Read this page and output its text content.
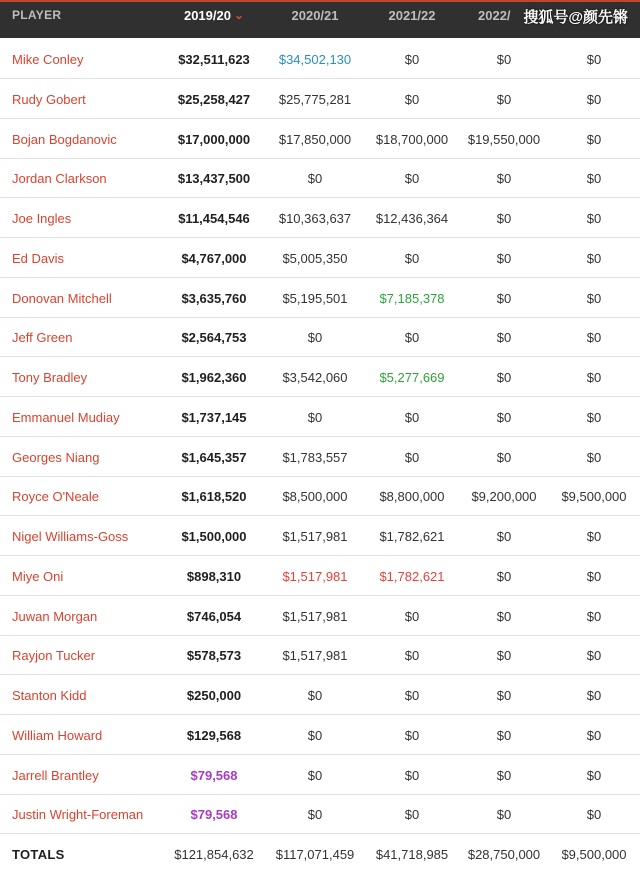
PLAYER	2019/20 ⌄	2020/21	2021/22	2022/ 搜狐号@颜先锵
Mike Conley	$32,511,623	$34,502,130	$0	$0	$0
Rudy Gobert	$25,258,427	$25,775,281	$0	$0	$0
Bojan Bogdanovic	$17,000,000	$17,850,000	$18,700,000	$19,550,000	$0
Jordan Clarkson	$13,437,500	$0	$0	$0	$0
Joe Ingles	$11,454,546	$10,363,637	$12,436,364	$0	$0
Ed Davis	$4,767,000	$5,005,350	$0	$0	$0
Donovan Mitchell	$3,635,760	$5,195,501	$7,185,378	$0	$0
Jeff Green	$2,564,753	$0	$0	$0	$0
Tony Bradley	$1,962,360	$3,542,060	$5,277,669	$0	$0
Emmanuel Mudiay	$1,737,145	$0	$0	$0	$0
Georges Niang	$1,645,357	$1,783,557	$0	$0	$0
Royce O'Neale	$1,618,520	$8,500,000	$8,800,000	$9,200,000	$9,500,000
Nigel Williams-Goss	$1,500,000	$1,517,981	$1,782,621	$0	$0
Miye Oni	$898,310	$1,517,981	$1,782,621	$0	$0
Juwan Morgan	$746,054	$1,517,981	$0	$0	$0
Rayjon Tucker	$578,573	$1,517,981	$0	$0	$0
Stanton Kidd	$250,000	$0	$0	$0	$0
William Howard	$129,568	$0	$0	$0	$0
Jarrell Brantley	$79,568	$0	$0	$0	$0
Justin Wright-Foreman	$79,568	$0	$0	$0	$0
TOTALS	$121,854,632	$117,071,459	$41,718,985	$28,750,000	$9,500,000
